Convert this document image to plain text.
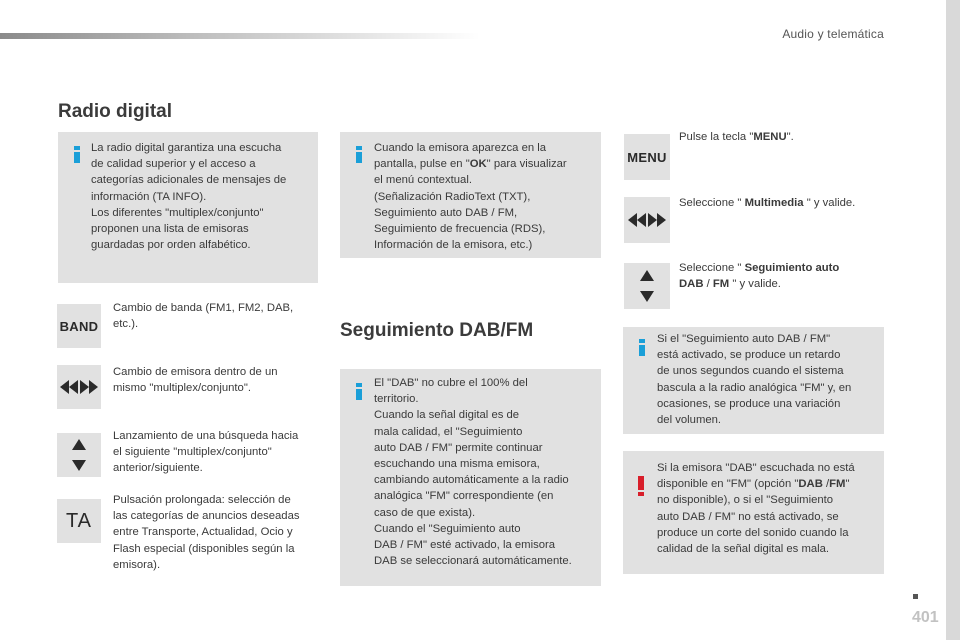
Audio y telemática
Radio digital

La radio digital garantiza una escucha
de calidad superior y el acceso a
categorías adicionales de mensajes de
información (TA INFO).
Los diferentes "multiplex/conjunto"
proponen una lista de emisoras
guardadas por orden alfabético.

Cuando la emisora aparezca en la
pantalla, pulse en "OK" para visualizar
el menú contextual.
(Señalización RadioText (TXT),
Seguimiento auto DAB / FM,
Seguimiento de frecuencia (RDS),
Información de la emisora, etc.)

BAND
Cambio de banda (FM1, FM2, DAB,
etc.).
Cambio de emisora dentro de un
mismo "multiplex/conjunto".
Lanzamiento de una búsqueda hacia
el siguiente "multiplex/conjunto"
anterior/siguiente.
TA
Pulsación prolongada: selección de
las categorías de anuncios deseadas
entre Transporte, Actualidad, Ocio y
Flash especial (disponibles según la
emisora).
Seguimiento DAB/FM

El "DAB" no cubre el 100% del
territorio.
Cuando la señal digital es de
mala calidad, el "Seguimiento
auto DAB / FM" permite continuar
escuchando una misma emisora,
cambiando automáticamente a la radio
analógica "FM" correspondiente (en
caso de que exista).
Cuando el "Seguimiento auto
DAB / FM" esté activado, la emisora
DAB se seleccionará automáticamente.

MENU
Pulse la tecla "MENU".
Seleccione " Multimedia " y valide.
Seleccione " Seguimiento auto
DAB / FM " y valide.

Si el "Seguimiento auto DAB / FM"
está activado, se produce un retardo
de unos segundos cuando el sistema
bascula a la radio analógica "FM" y, en
ocasiones, se produce una variación
del volumen.

Si la emisora "DAB" escuchada no está
disponible en "FM" (opción "DAB /FM"
no disponible), o si el "Seguimiento
auto DAB / FM" no está activado, se
produce un corte del sonido cuando la
calidad de la señal digital es mala.

401
